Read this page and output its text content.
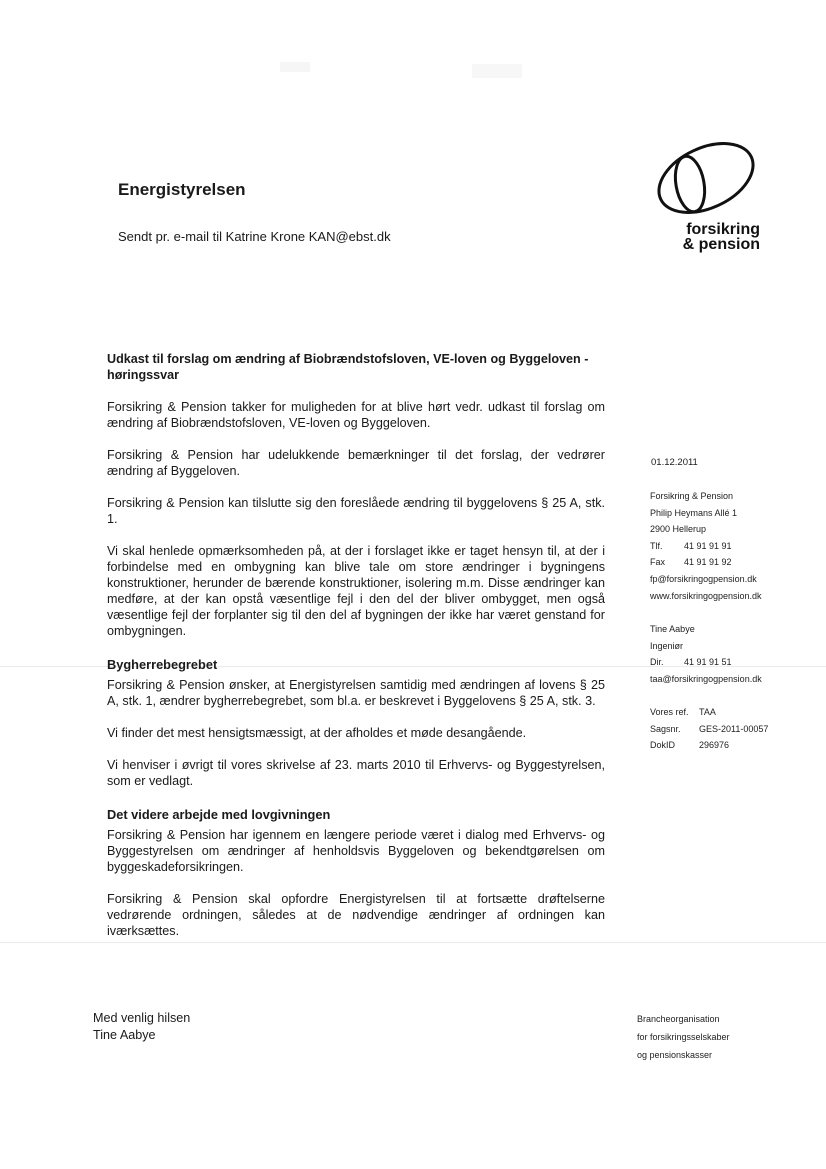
Energistyrelsen
Sendt pr. e-mail til Katrine Krone KAN@ebst.dk	forsikring
& pension
Udkast til forslag om ændring af Biobrændstofsloven, VE-loven og Byggeloven - høringssvar

Forsikring & Pension takker for muligheden for at blive hørt vedr. udkast til forslag om ændring af Biobrændstofsloven, VE-loven og Byggeloven.

Forsikring & Pension har udelukkende bemærkninger til det forslag, der vedrører ændring af Byggeloven.

Forsikring & Pension kan tilslutte sig den foreslåede ændring til byggelovens § 25 A, stk. 1.

Vi skal henlede opmærksomheden på, at der i forslaget ikke er taget hensyn til, at der i forbindelse med en ombygning kan blive tale om store ændringer i bygningens konstruktioner, herunder de bærende konstruktioner, isolering m.m. Disse ændringer kan medføre, at der kan opstå væsentlige fejl i den del der bliver ombygget, men også væsentlige fejl der forplanter sig til den del af bygningen der ikke har været genstand for ombygningen.

Bygherrebegrebet

Forsikring & Pension ønsker, at Energistyrelsen samtidig med ændringen af lovens § 25 A, stk. 1, ændrer bygherrebegrebet, som bl.a. er beskrevet i Byggelovens § 25 A, stk. 3.

Vi finder det mest hensigtsmæssigt, at der afholdes et møde desangående.

Vi henviser i øvrigt til vores skrivelse af 23. marts 2010 til Erhvervs- og Byggestyrelsen, som er vedlagt.

Det videre arbejde med lovgivningen

Forsikring & Pension har igennem en længere periode været i dialog med Erhvervs- og Byggestyrelsen om ændringer af henholdsvis Byggeloven og bekendtgørelsen om byggeskadeforsikringen.

Forsikring & Pension skal opfordre Energistyrelsen til at fortsætte drøftelserne vedrørende ordningen, således at de nødvendige ændringer af ordningen kan iværksættes.

Med venlig hilsen
Tine Aabye
01.12.2011
Forsikring & Pension
Philip Heymans Allé 1
2900 Hellerup
Tlf.	41 91 91 91
Fax	41 91 91 92
fp@forsikringogpension.dk
www.forsikringogpension.dk
Tine Aabye
Ingeniør
Dir.	41 91 91 51
taa@forsikringogpension.dk
Vores ref.	TAA
Sagsnr.	GES-2011-00057
DokID	296976
Brancheorganisation
for forsikringsselskaber
og pensionskasser
